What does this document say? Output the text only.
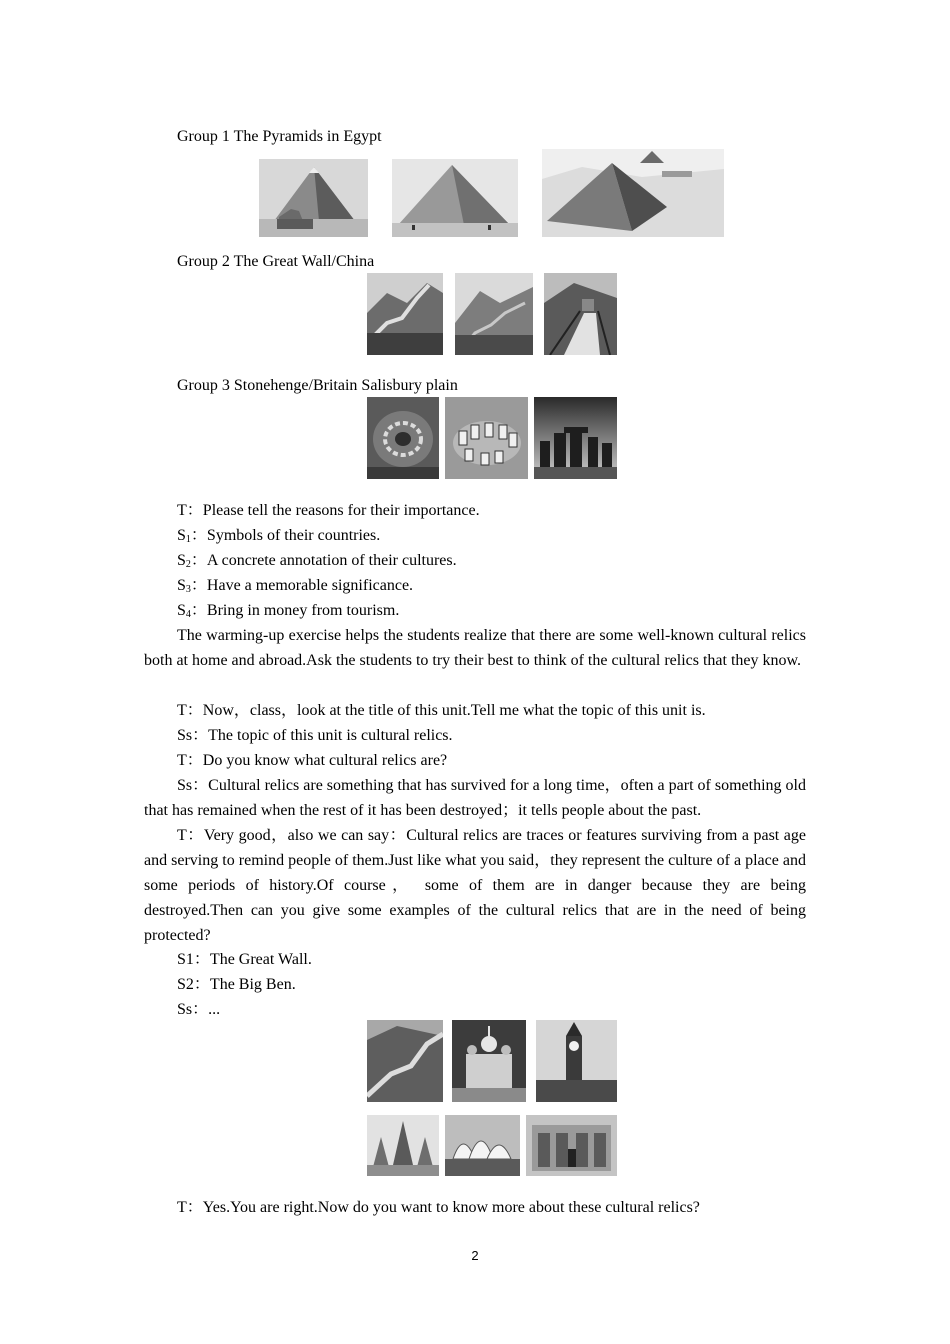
Group 1 The Pyramids in Egypt
Group 2 The Great Wall/China
Group 3 Stonehenge/Britain Salisbury plain
T：Please tell the reasons for their importance.
$S_1$：Symbols of their countries.
$S_2$：A concrete annotation of their cultures.
$S_3$：Have a memorable significance.
$S_4$：Bring in money from tourism.
The warming-up exercise helps the students realize that there are some well-known cultural relics both at home and abroad.Ask the students to try their best to think of the cultural relics that they know.
T：Now，class，look at the title of this unit.Tell me what the topic of this unit is.
Ss：The topic of this unit is cultural relics.
T：Do you know what cultural relics are?
Ss：Cultural relics are something that has survived for a long time，often a part of something old that has remained when the rest of it has been destroyed；it tells people about the past.
T：Very good，also we can say：Cultural relics are traces or features surviving from a past age and serving to remind people of them.Just like what you said，they represent the culture of a place and some periods of history.Of course， some of them are in danger because they are being destroyed.Then can you give some examples of the cultural relics that are in the need of being protected?
S1：The Great Wall.
S2：The Big Ben.
Ss：...
T：Yes.You are right.Now do you want to know more about these cultural relics?
2
